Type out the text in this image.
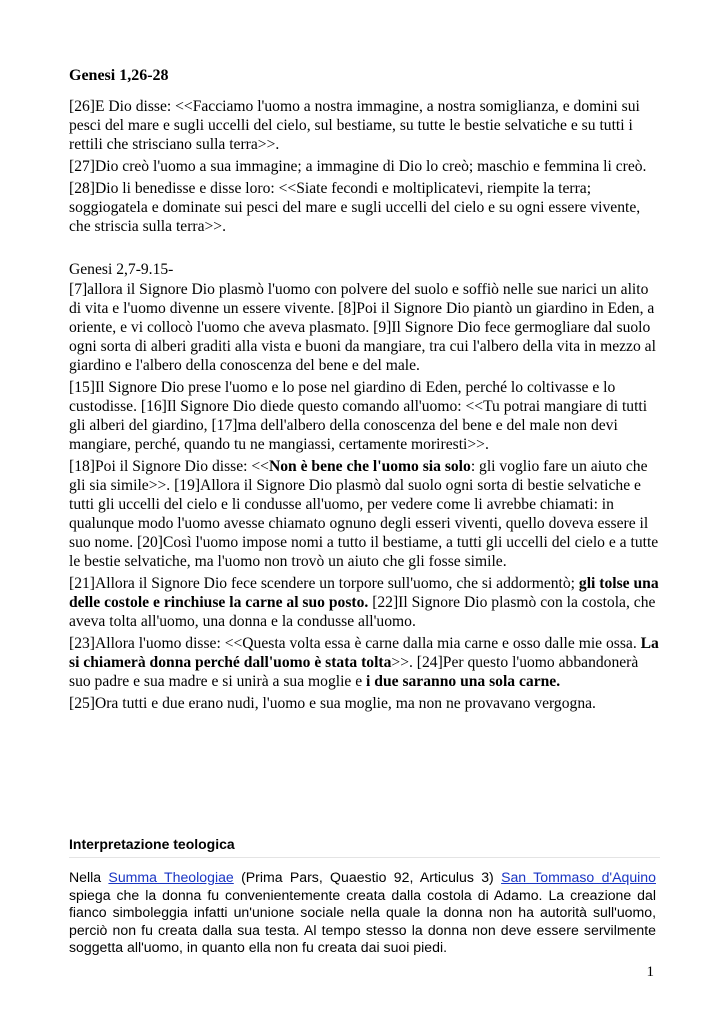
Genesi 1,26-28

[26]E Dio disse: <<Facciamo l'uomo a nostra immagine, a nostra somiglianza, e domini sui pesci del mare e sugli uccelli del cielo, sul bestiame, su tutte le bestie selvatiche e su tutti i rettili che strisciano sulla terra>>.

[27]Dio creò l'uomo a sua immagine; a immagine di Dio lo creò; maschio e femmina li creò.

[28]Dio li benedisse e disse loro: <<Siate fecondi e moltiplicatevi, riempite la terra; soggiogatela e dominate sui pesci del mare e sugli uccelli del cielo e su ogni essere vivente, che striscia sulla terra>>.

Genesi 2,7-9.15-

[7]allora il Signore Dio plasmò l'uomo con polvere del suolo e soffiò nelle sue narici un alito di vita e l'uomo divenne un essere vivente. [8]Poi il Signore Dio piantò un giardino in Eden, a oriente, e vi collocò l'uomo che aveva plasmato. [9]Il Signore Dio fece germogliare dal suolo ogni sorta di alberi graditi alla vista e buoni da mangiare, tra cui l'albero della vita in mezzo al giardino e l'albero della conoscenza del bene e del male.

[15]Il Signore Dio prese l'uomo e lo pose nel giardino di Eden, perché lo coltivasse e lo custodisse. [16]Il Signore Dio diede questo comando all'uomo: <<Tu potrai mangiare di tutti gli alberi del giardino, [17]ma dell'albero della conoscenza del bene e del male non devi mangiare, perché, quando tu ne mangiassi, certamente moriresti>>.

[18]Poi il Signore Dio disse: <<Non è bene che l'uomo sia solo: gli voglio fare un aiuto che gli sia simile>>. [19]Allora il Signore Dio plasmò dal suolo ogni sorta di bestie selvatiche e tutti gli uccelli del cielo e li condusse all'uomo, per vedere come li avrebbe chiamati: in qualunque modo l'uomo avesse chiamato ognuno degli esseri viventi, quello doveva essere il suo nome. [20]Così l'uomo impose nomi a tutto il bestiame, a tutti gli uccelli del cielo e a tutte le bestie selvatiche, ma l'uomo non trovò un aiuto che gli fosse simile.

[21]Allora il Signore Dio fece scendere un torpore sull'uomo, che si addormentò; gli tolse una delle costole e rinchiuse la carne al suo posto. [22]Il Signore Dio plasmò con la costola, che aveva tolta all'uomo, una donna e la condusse all'uomo.

[23]Allora l'uomo disse: <<Questa volta essa è carne dalla mia carne e osso dalle mie ossa. La si chiamerà donna perché dall'uomo è stata tolta>>. [24]Per questo l'uomo abbandonerà suo padre e sua madre e si unirà a sua moglie e i due saranno una sola carne.

[25]Ora tutti e due erano nudi, l'uomo e sua moglie, ma non ne provavano vergogna.

Interpretazione teologica
Nella Summa Theologiae (Prima Pars, Quaestio 92, Articulus 3) San Tommaso d'Aquino spiega che la donna fu convenientemente creata dalla costola di Adamo. La creazione dal fianco simboleggia infatti un'unione sociale nella quale la donna non ha autorità sull'uomo, perciò non fu creata dalla sua testa. Al tempo stesso la donna non deve essere servilmente soggetta all'uomo, in quanto ella non fu creata dai suoi piedi.
1
